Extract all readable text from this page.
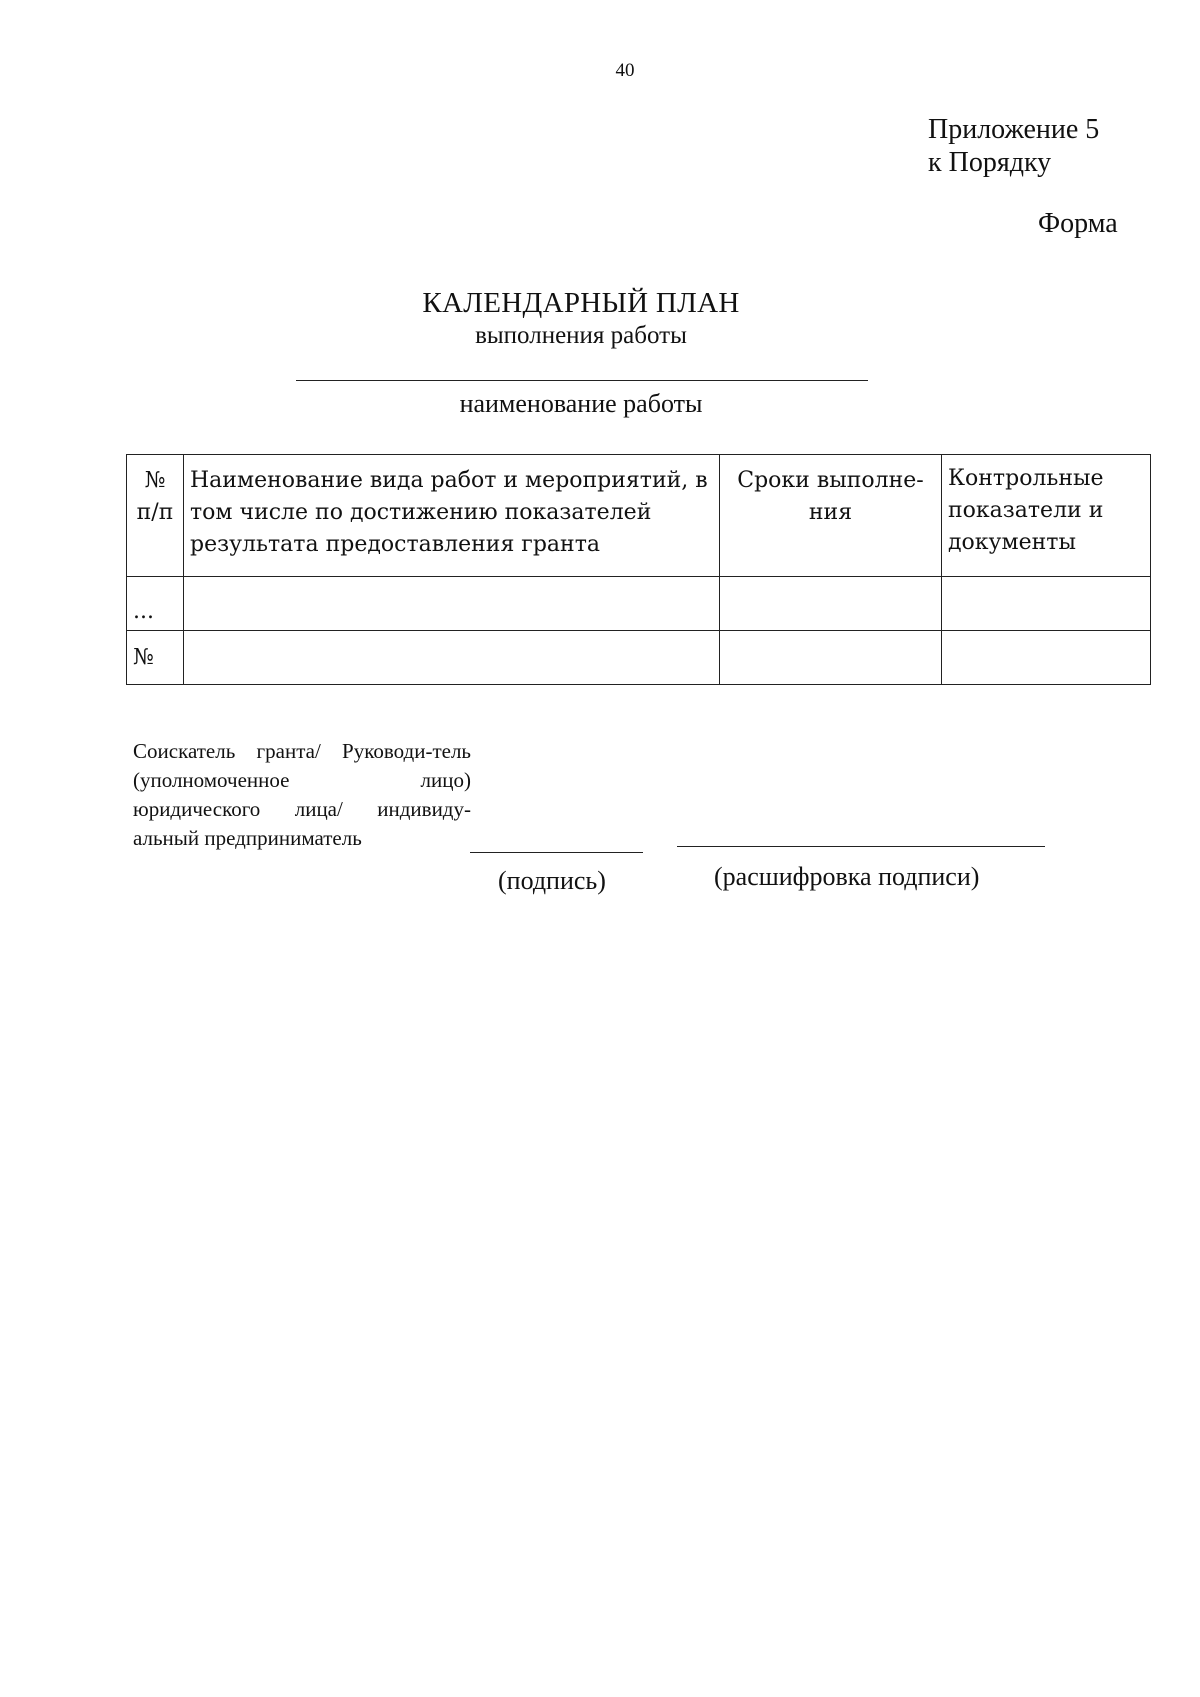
40
Приложение 5
к Порядку
Форма
КАЛЕНДАРНЫЙ ПЛАН
выполнения работы
наименование работы
№ п/п	Наименование вида работ и мероприятий, в том числе по достижению показателей результата предоставления гранта	Сроки выполне-ния	Контрольные показатели и документы
...			
№			
Соискатель гранта/ Руководи-тель (уполномоченное лицо) юридического лица/ индивиду-альный предприниматель
(подпись)	(расшифровка подписи)
